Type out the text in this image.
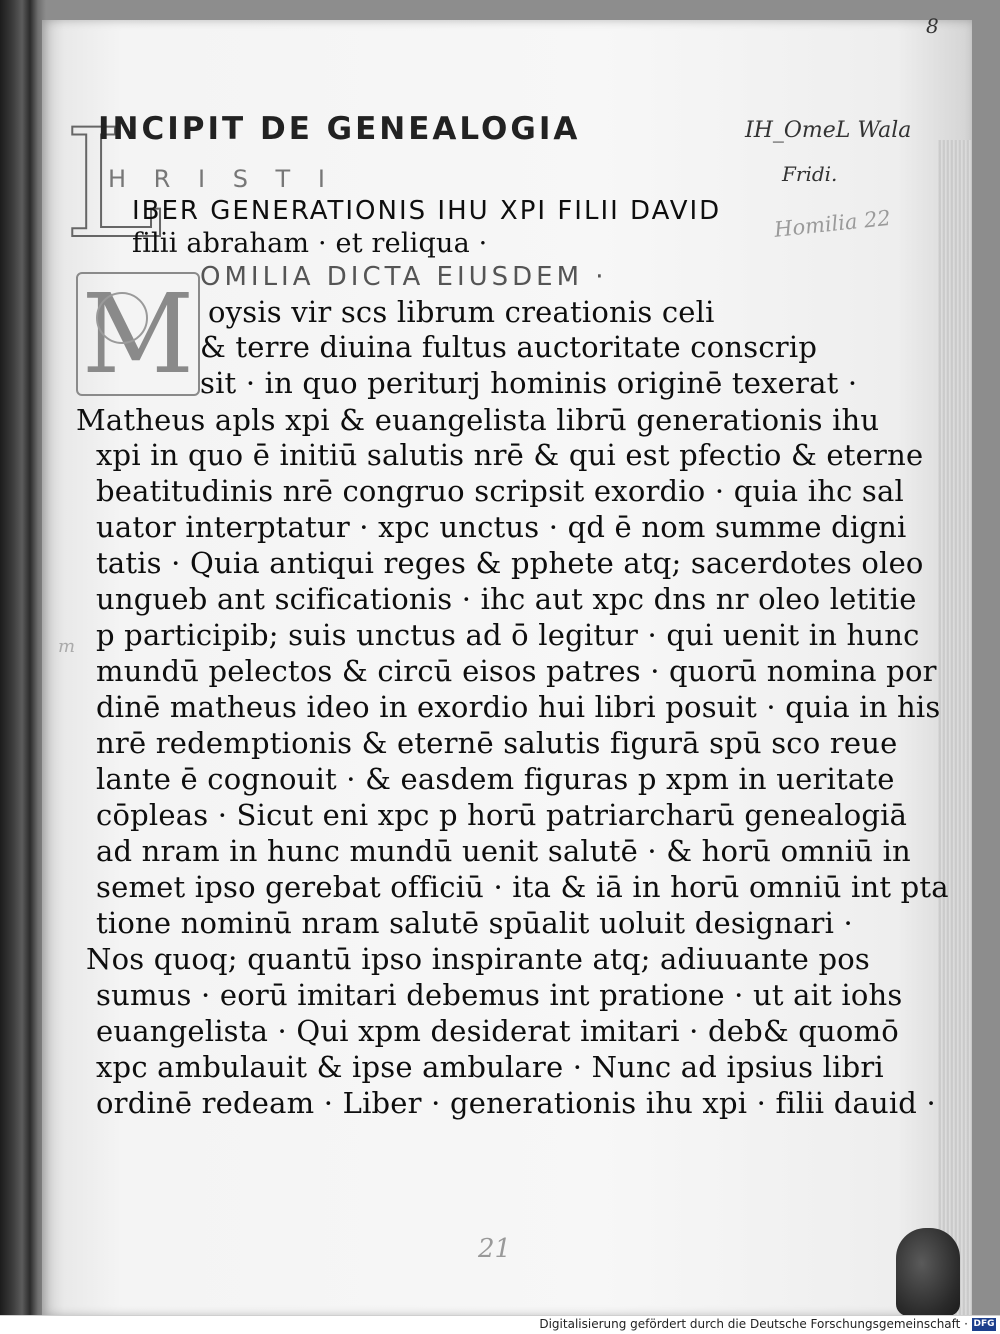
8
IH_OmeL Wala
Fridi.
Homilia 22
m
L
M
INCIPIT DE GENEALOGIA
H R I S T I
IBER GENERATIONIS IHU XPI FILII DAVID
filii abraham · et reliqua ·
OMILIA DICTA EIUSDEM ·
oysis vir scs librum creationis celi
& terre diuina fultus auctoritate conscrip
sit · in quo periturj hominis originē texerat ·
Matheus apls xpi & euangelista librū generationis ihu
xpi in quo ē initiū salutis nrē & qui est pfectio & eterne
beatitudinis nrē congruo scripsit exordio · quia ihc sal
uator interptatur · xpc unctus · qd ē nom summe digni
tatis · Quia antiqui reges & pphete atq; sacerdotes oleo
ungueb ant scificationis · ihc aut xpc dns nr oleo letitie
p participib; suis unctus ad ō legitur · qui uenit in hunc
mundū pelectos & circū eisos patres · quorū nomina por
dinē matheus ideo in exordio hui libri posuit · quia in his
nrē redemptionis & eternē salutis figurā spū sco reue
lante ē cognouit · & easdem figuras p xpm in ueritate
cōpleas · Sicut eni xpc p horū patriarcharū genealogiā
ad nram in hunc mundū uenit salutē · & horū omniū in
semet ipso gerebat officiū · ita & iā in horū omniū int pta
tione nominū nram salutē spūalit uoluit designari ·
Nos quoq; quantū ipso inspirante atq; adiuuante pos
sumus · eorū imitari debemus int pratione · ut ait iohs
euangelista · Qui xpm desiderat imitari · deb& quomō
xpc ambulauit & ipse ambulare · Nunc ad ipsius libri
ordinē redeam · Liber · generationis ihu xpi · filii dauid ·
21
Digitalisierung gefördert durch die Deutsche Forschungsgemeinschaft · DFG
